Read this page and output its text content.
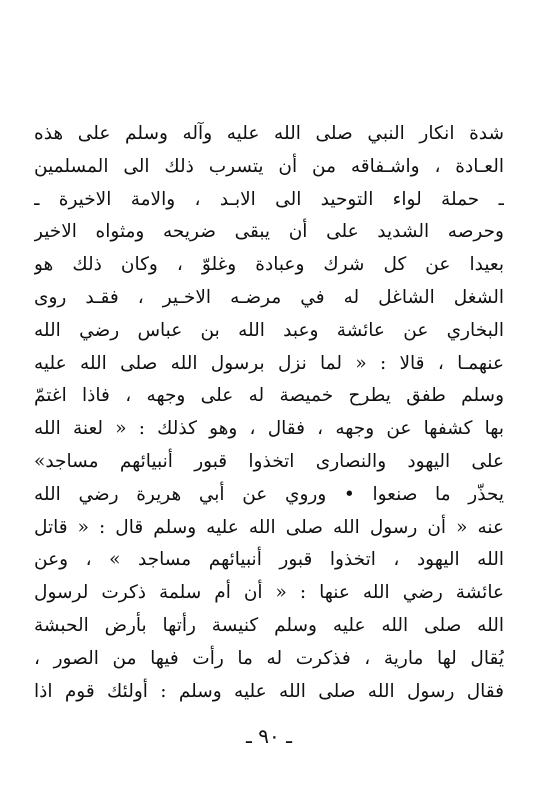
شدة انكار النبي صلى الله عليه وآله وسلم على هذه
العـادة ، واشـفاقه من أن يتسرب ذلك الى المسلمين
ـ حملة لواء التوحيد الى الابـد ، والامة الاخيرة ـ
وحرصه الشديد على أن يبقى ضريحه ومثواه الاخير
بعيدا عن كل شرك وعبادة وغلوّ ، وكان ذلك هو
الشغل الشاغل له في مرضـه الاخـير ، فقـد روى
البخاري عن عائشة وعبد الله بن عباس رضي الله
عنهمـا ، قالا : « لما نزل برسول الله صلى الله عليه
وسلم طفق يطرح خميصة له على وجهه ، فاذا اغتمّ
بها كشفها عن وجهه ، فقال ، وهو كذلك : « لعنة الله
على اليهود والنصارى اتخذوا قبور أنبيائهم مساجد»
يحذّر ما صنعوا • وروي عن أبي هريرة رضي الله
عنه « أن رسول الله صلى الله عليه وسلم قال : « قاتل
الله اليهود ، اتخذوا قبور أنبيائهم مساجد » ، وعن
عائشة رضي الله عنها : « أن أم سلمة ذكرت لرسول
الله صلى الله عليه وسلم كنيسة رأتها بأرض الحبشة
يُقال لها مارية ، فذكرت له ما رأت فيها من الصور ،
فقال رسول الله صلى الله عليه وسلم : أولئك قوم اذا
ـ ٩٠ ـ
